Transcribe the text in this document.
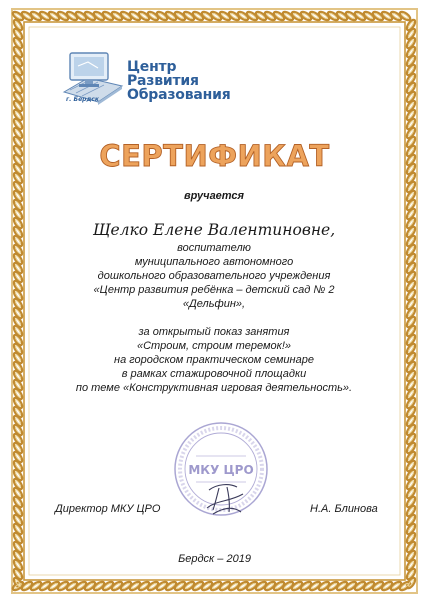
Центр
Развития
Образования
г. Бердск
СЕРТИФИКАТ
вручается
Щелко Елене Валентиновне,
воспитателю
муниципального автономного
дошкольного образовательного учреждения
«Центр развития ребёнка – детский сад № 2
«Дельфин»,
за открытый показ занятия
«Строим, строим теремок!»
на городском практическом семинаре
в рамках стажировочной площадки
по теме «Конструктивная игровая деятельность».
МКУ ЦРО
Директор МКУ ЦРО	Н.А. Блинова
Бердск – 2019
